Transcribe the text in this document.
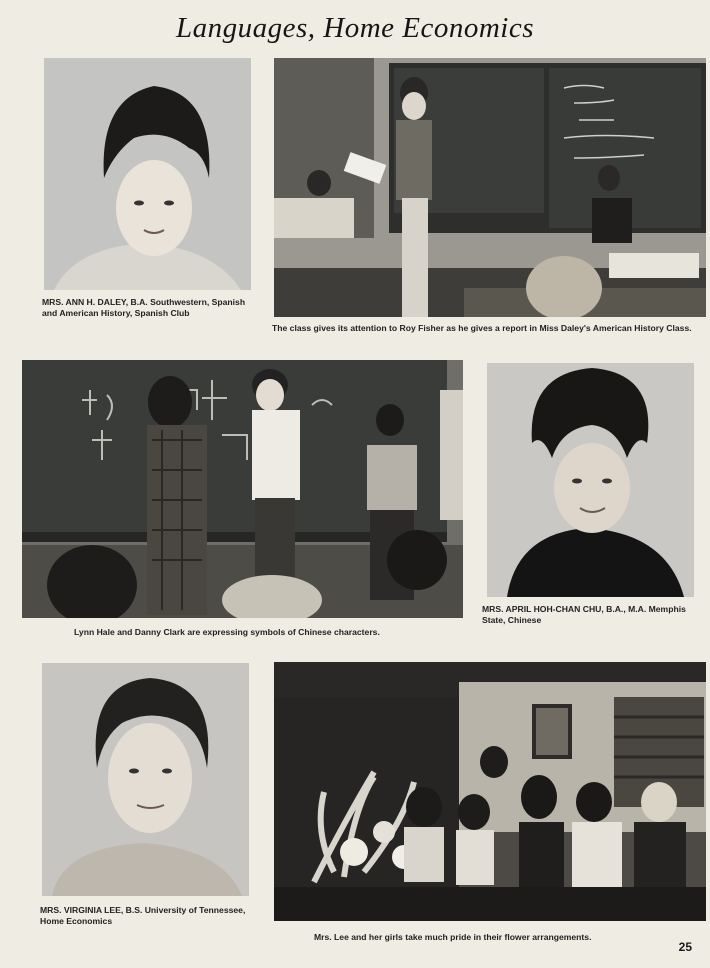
Languages, Home Economics
MRS. ANN H. DALEY, B.A. Southwestern, Spanish and American History, Spanish Club
The class gives its attention to Roy Fisher as he gives a report in Miss Daley's American History Class.
Lynn Hale and Danny Clark are expressing symbols of Chinese characters.
MRS. APRIL HOH-CHAN CHU, B.A., M.A. Memphis State, Chinese
MRS. VIRGINIA LEE, B.S. University of Tennessee, Home Economics
Mrs. Lee and her girls take much pride in their flower arrangements.
25
